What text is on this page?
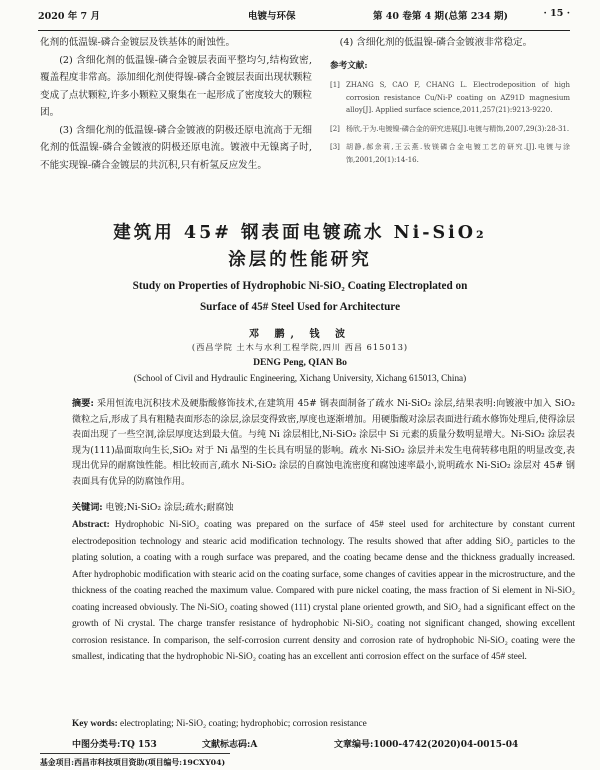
2020 年 7 月	电镀与环保	第 40 卷第 4 期(总第 234 期)	· 15 ·

化剂的低温镍-磷合金镀层及铁基体的耐蚀性。

(2) 含细化剂的低温镍-磷合金镀层表面平整均匀,结构致密,覆盖程度非常高。添加细化剂使得镍-磷合金镀层表面出现状颗粒变成了点状颗粒,许多小颗粒又聚集在一起形成了密度较大的颗粒团。

(3) 含细化剂的低温镍-磷合金镀液的阴极还原电流高于无细化剂的低温镍-磷合金镀液的阴极还原电流。镀液中无镍离子时,不能实现镍-磷合金镀层的共沉积,只有析氢反应发生。

(4) 含细化剂的低温镍-磷合金镀液非常稳定。

参考文献:
[1] ZHANG S, CAO F, CHANG L. Electrodeposition of high corrosion resistance Cu/Ni-P coating on AZ91D magnesium alloy[J]. Applied surface science,2011,257(21):9213-9220.
[2] 杨欣,于为.电镀镍-磷合金的研究进展[J].电镀与精饰,2007,29(3):28-31.
[3] 胡静,郝余莉,王云燕.钕镁磷合金电镀工艺的研究.[J].电镀与涂饰,2001,20(1):14-16.
建筑用 45# 钢表面电镀疏水 Ni-SiO₂
涂层的性能研究
Study on Properties of Hydrophobic Ni-SiO₂ Coating Electroplated on
Surface of 45# Steel Used for Architecture
邓 鹏, 钱 波
(西昌学院 土木与水利工程学院,四川 西昌 615013)
DENG Peng, QIAN Bo
(School of Civil and Hydraulic Engineering, Xichang University, Xichang 615013, China)
摘要: 采用恒流电沉积技术及硬脂酸修饰技术,在建筑用 45# 钢表面制备了疏水 Ni-SiO₂ 涂层,结果表明:向镀液中加入 SiO₂ 微粒之后,形成了具有粗糙表面形态的涂层,涂层变得致密,厚度也逐渐增加。用硬脂酸对涂层表面进行疏水修饰处理后,使得涂层表面出现了一些空洞,涂层厚度达到最大值。与纯 Ni 涂层相比,Ni-SiO₂ 涂层中 Si 元素的质量分数明显增大。Ni-SiO₂ 涂层表现为(111)晶面取向生长,SiO₂ 对于 Ni 晶型的生长具有明显的影响。疏水 Ni-SiO₂ 涂层并未发生电荷转移电阻的明显改变,表现出优异的耐腐蚀性能。相比较而言,疏水 Ni-SiO₂ 涂层的自腐蚀电流密度和腐蚀速率最小,说明疏水 Ni-SiO₂ 涂层对 45# 钢表面具有优异的防腐蚀作用。
关键词: 电镀;Ni-SiO₂ 涂层;疏水;耐腐蚀
Abstract: Hydrophobic Ni-SiO₂ coating was prepared on the surface of 45# steel used for architecture by constant current electrodeposition technology and stearic acid modification technology. The results showed that after adding SiO₂ particles to the plating solution, a coating with a rough surface was prepared, and the coating became dense and the thickness gradually increased. After hydrophobic modification with stearic acid on the coating surface, some changes of cavities appear in the microstructure, and the thickness of the coating reached the maximum value. Compared with pure nickel coating, the mass fraction of Si element in Ni-SiO₂ coating increased obviously. The Ni-SiO₂ coating showed (111) crystal plane oriented growth, and SiO₂ had a significant effect on the growth of Ni crystal. The charge transfer resistance of hydrophobic Ni-SiO₂ coating not significant changed, showing excellent corrosion resistance. In comparison, the self-corrosion current density and corrosion rate of hydrophobic Ni-SiO₂ coating were the smallest, indicating that the hydrophobic Ni-SiO₂ coating has an excellent anti corrosion effect on the surface of 45# steel.
Key words: electroplating; Ni-SiO₂ coating; hydrophobic; corrosion resistance
中图分类号:TQ 153	文献标志码:A	文章编号:1000-4742(2020)04-0015-04
基金项目:西昌市科技项目资助(项目编号:19CXY04)
